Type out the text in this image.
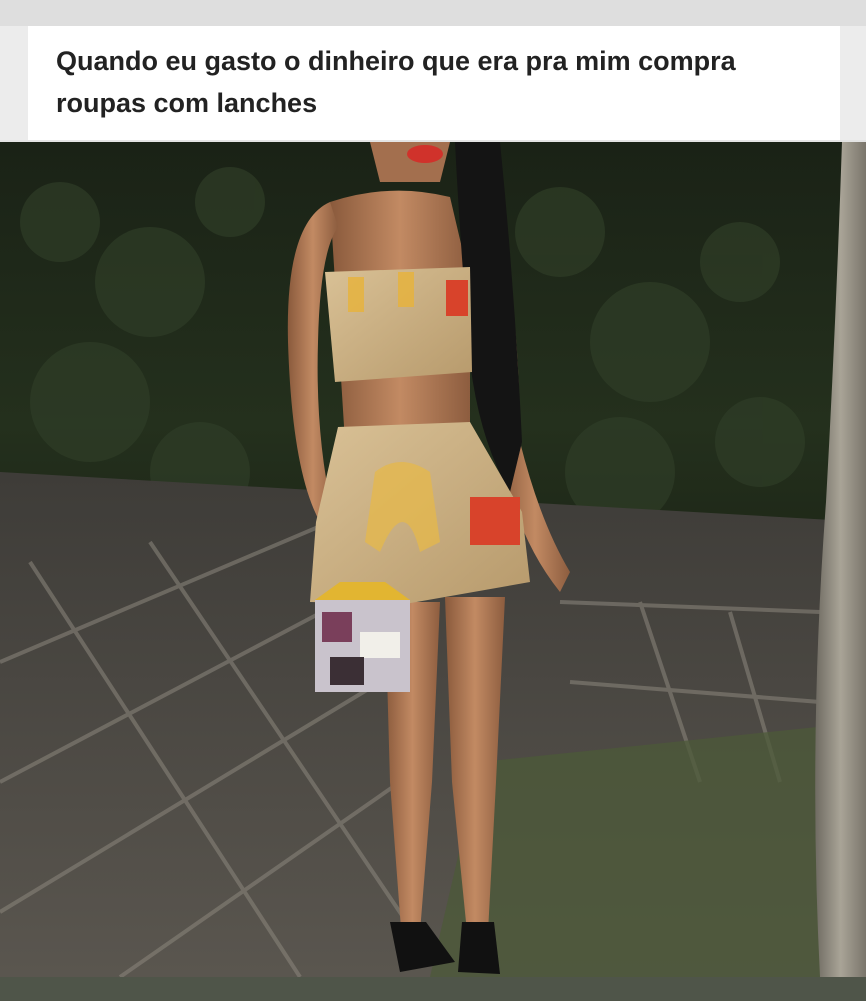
Quando eu gasto o dinheiro que era pra mim compra roupas com lanches
